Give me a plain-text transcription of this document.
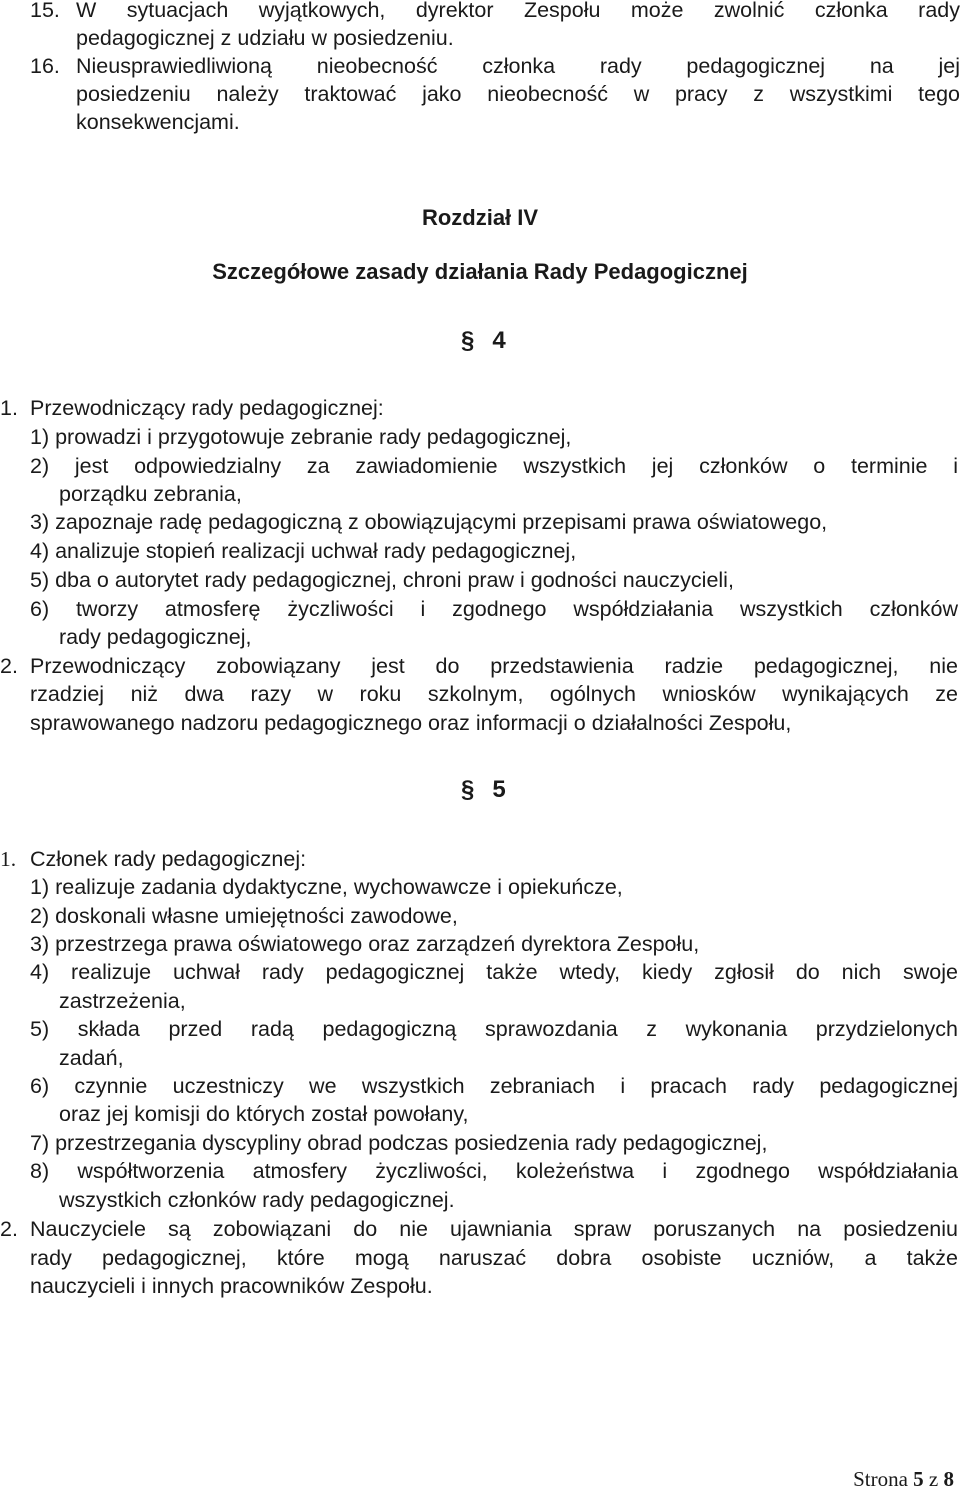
15. W sytuacjach wyjątkowych, dyrektor Zespołu może zwolnić członka rady
pedagogicznej z udziału w posiedzeniu.
16. Nieusprawiedliwioną nieobecność członka rady pedagogicznej na jej
posiedzeniu należy traktować jako nieobecność w pracy z wszystkimi tego
konsekwencjami.
Rozdział IV
Szczegółowe zasady działania Rady Pedagogicznej
§ 4
1. Przewodniczący rady pedagogicznej:
1) prowadzi i przygotowuje zebranie rady pedagogicznej,
2) jest odpowiedzialny za zawiadomienie wszystkich jej członków o terminie i
porządku zebrania,
3) zapoznaje radę pedagogiczną z obowiązującymi przepisami prawa oświatowego,
4) analizuje stopień realizacji uchwał rady pedagogicznej,
5) dba o autorytet rady pedagogicznej, chroni praw i godności nauczycieli,
6) tworzy atmosferę życzliwości i zgodnego współdziałania wszystkich członków
rady pedagogicznej,
2. Przewodniczący zobowiązany jest do przedstawienia radzie pedagogicznej, nie
rzadziej niż dwa razy w roku szkolnym, ogólnych wniosków wynikających ze
sprawowanego nadzoru pedagogicznego oraz informacji o działalności Zespołu,
§ 5
1. Członek rady pedagogicznej:
1) realizuje zadania dydaktyczne, wychowawcze i opiekuńcze,
2) doskonali własne umiejętności zawodowe,
3) przestrzega prawa oświatowego oraz zarządzeń dyrektora Zespołu,
4) realizuje uchwał rady pedagogicznej także wtedy, kiedy zgłosił do nich swoje
zastrzeżenia,
5) składa przed radą pedagogiczną sprawozdania z wykonania przydzielonych
zadań,
6) czynnie uczestniczy we wszystkich zebraniach i pracach rady pedagogicznej
oraz jej komisji do których został powołany,
7) przestrzegania dyscypliny obrad podczas posiedzenia rady pedagogicznej,
8) współtworzenia atmosfery życzliwości, koleżeństwa i zgodnego współdziałania
wszystkich członków rady pedagogicznej.
2. Nauczyciele są zobowiązani do nie ujawniania spraw poruszanych na posiedzeniu
rady pedagogicznej, które mogą naruszać dobra osobiste uczniów, a także
nauczycieli i innych pracowników Zespołu.
Strona 5 z 8
